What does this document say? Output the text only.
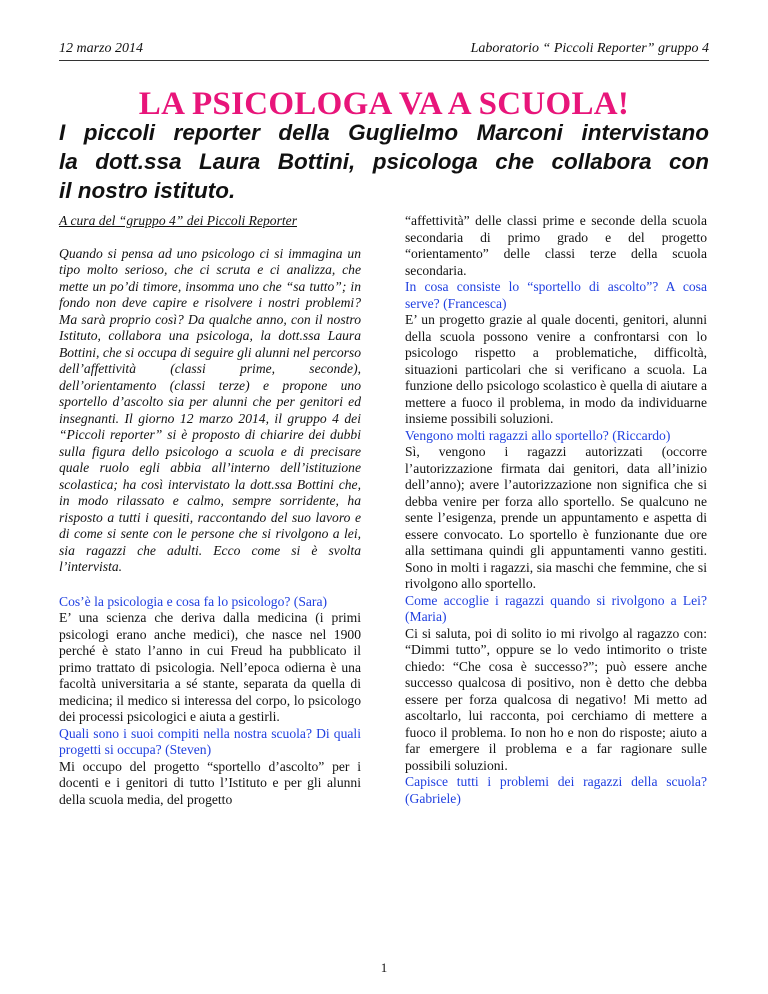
12 marzo 2014	Laboratorio “ Piccoli Reporter” gruppo 4
LA PSICOLOGA VA A SCUOLA!
I piccoli reporter della Guglielmo Marconi intervistano
la dott.ssa Laura Bottini, psicologa che collabora con
il nostro istituto.

A cura del “gruppo 4” dei Piccoli Reporter

Quando si pensa ad uno psicologo ci si immagina un tipo molto serioso, che ci scruta e ci analizza, che mette un po’di timore, insomma uno che “sa tutto”; in fondo non deve capire e risolvere i nostri problemi? Ma sarà proprio così? Da qualche anno, con il nostro Istituto, collabora una psicologa, la dott.ssa Laura Bottini, che si occupa di seguire gli alunni nel percorso dell’affettività (classi prime, seconde), dell’orientamento (classi terze) e propone uno sportello d’ascolto sia per alunni che per genitori ed insegnanti. Il giorno 12 marzo 2014, il gruppo 4 dei “Piccoli reporter” si è proposto di chiarire dei dubbi sulla figura dello psicologo a scuola e di precisare quale ruolo egli abbia all’interno dell’istituzione scolastica; ha così intervistato la dott.ssa Bottini che, in modo rilassato e calmo, sempre sorridente, ha risposto a tutti i quesiti, raccontando del suo lavoro e di come si sente con le persone che si rivolgono a lei, sia ragazzi che adulti. Ecco come si è svolta l’intervista.

Cos’è la psicologia e cosa fa lo psicologo? (Sara)

E’ una scienza che deriva dalla medicina (i primi psicologi erano anche medici), che nasce nel 1900 perché è stato l’anno in cui Freud ha pubblicato il primo trattato di psicologia. Nell’epoca odierna è una facoltà universitaria a sé stante, separata da quella di medicina; il medico si interessa del corpo, lo psicologo dei processi psicologici e aiuta a gestirli.

Quali sono i suoi compiti nella nostra scuola? Di quali progetti si occupa? (Steven)

Mi occupo del progetto “sportello d’ascolto” per i docenti e i genitori di tutto l’Istituto e per gli alunni della scuola media, del progetto

“affettività” delle classi prime e seconde della scuola secondaria di primo grado e del progetto “orientamento” delle classi terze della scuola secondaria.

In cosa consiste lo “sportello di ascolto”? A cosa serve? (Francesca)

E’ un progetto grazie al quale docenti, genitori, alunni della scuola possono venire a confrontarsi con lo psicologo rispetto a problematiche, difficoltà, situazioni particolari che si verificano a scuola. La funzione dello psicologo scolastico è quella di aiutare a mettere a fuoco il problema, in modo da individuarne insieme possibili soluzioni.

Vengono molti ragazzi allo sportello? (Riccardo)

Sì, vengono i ragazzi autorizzati (occorre l’autorizzazione firmata dai genitori, data all’inizio dell’anno); avere l’autorizzazione non significa che si debba venire per forza allo sportello. Se qualcuno ne sente l’esigenza, prende un appuntamento e aspetta di essere convocato. Lo sportello è funzionante due ore alla settimana quindi gli appuntamenti vanno gestiti. Sono in molti i ragazzi, sia maschi che femmine, che si rivolgono allo sportello.

Come accoglie i ragazzi quando si rivolgono a Lei? (Maria)

Ci si saluta, poi di solito io mi rivolgo al ragazzo con: “Dimmi tutto”, oppure se lo vedo intimorito o triste chiedo: “Che cosa è successo?”; può essere anche successo qualcosa di positivo, non è detto che debba essere per forza qualcosa di negativo! Mi metto ad ascoltarlo, lui racconta, poi cerchiamo di mettere a fuoco il problema. Io non ho e non do risposte; aiuto a far emergere il problema e a far ragionare sulle possibili soluzioni.

Capisce tutti i problemi dei ragazzi della scuola? (Gabriele)

1
